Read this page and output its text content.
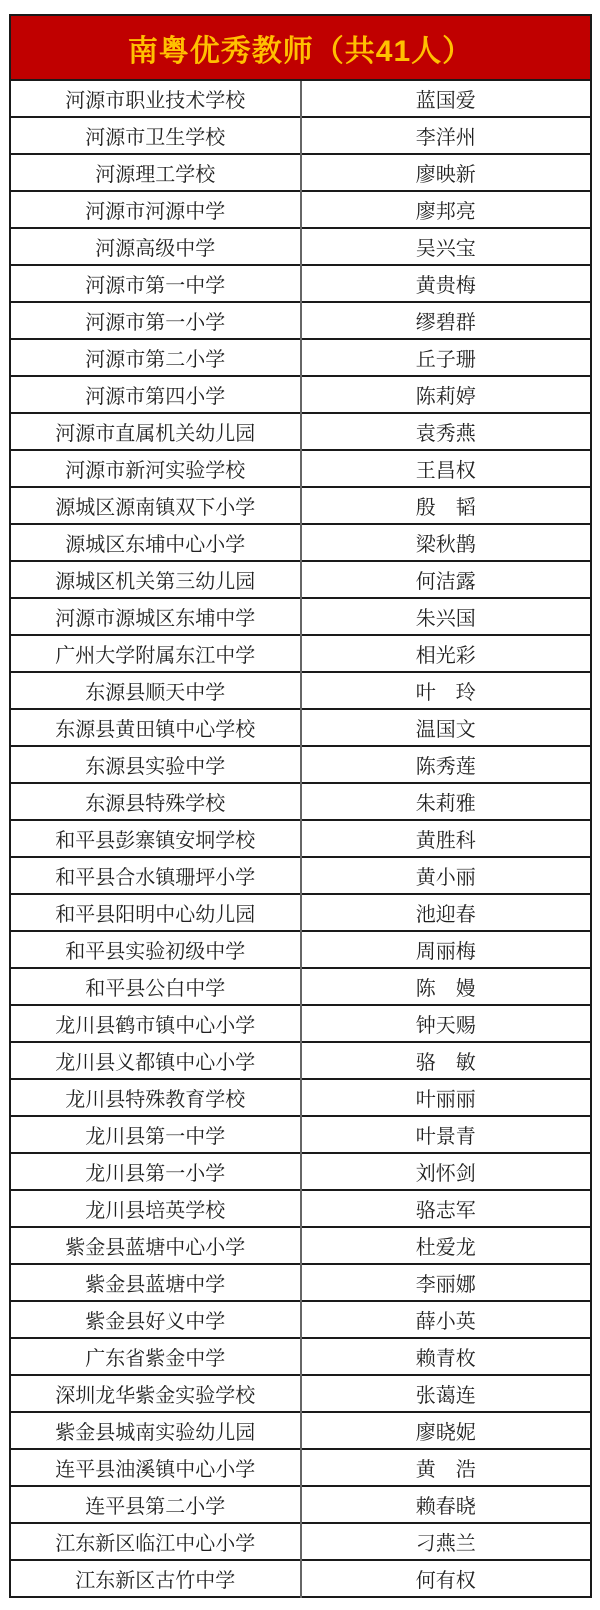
南粤优秀教师（共41人）	
河源市职业技术学校	蓝国爱
河源市卫生学校	李洋州
河源理工学校	廖映新
河源市河源中学	廖邦亮
河源高级中学	吴兴宝
河源市第一中学	黄贵梅
河源市第一小学	缪碧群
河源市第二小学	丘子珊
河源市第四小学	陈莉婷
河源市直属机关幼儿园	袁秀燕
河源市新河实验学校	王昌权
源城区源南镇双下小学	殷　韬
源城区东埔中心小学	梁秋鹊
源城区机关第三幼儿园	何洁露
河源市源城区东埔中学	朱兴国
广州大学附属东江中学	相光彩
东源县顺天中学	叶　玲
东源县黄田镇中心学校	温国文
东源县实验中学	陈秀莲
东源县特殊学校	朱莉雅
和平县彭寨镇安坰学校	黄胜科
和平县合水镇珊坪小学	黄小丽
和平县阳明中心幼儿园	池迎春
和平县实验初级中学	周丽梅
和平县公白中学	陈　嫚
龙川县鹤市镇中心小学	钟天赐
龙川县义都镇中心小学	骆　敏
龙川县特殊教育学校	叶丽丽
龙川县第一中学	叶景青
龙川县第一小学	刘怀剑
龙川县培英学校	骆志军
紫金县蓝塘中心小学	杜爱龙
紫金县蓝塘中学	李丽娜
紫金县好义中学	薛小英
广东省紫金中学	赖青枚
深圳龙华紫金实验学校	张蔼连
紫金县城南实验幼儿园	廖晓妮
连平县油溪镇中心小学	黄　浩
连平县第二小学	赖春晓
江东新区临江中心小学	刁燕兰
江东新区古竹中学	何有权
